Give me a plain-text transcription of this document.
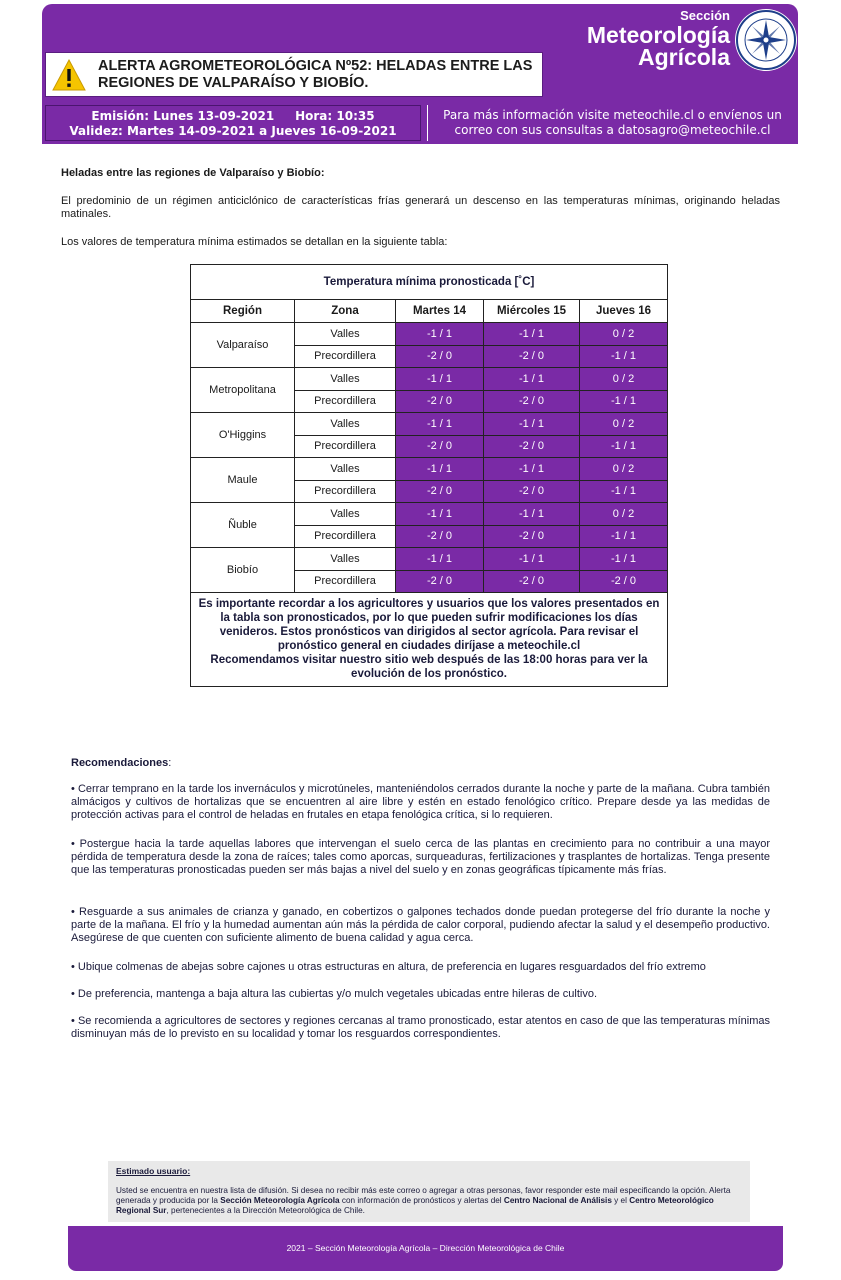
ALERTA AGROMETEOROLÓGICA Nº52: HELADAS ENTRE LAS
REGIONES DE VALPARAÍSO Y BIOBÍO.
Sección
Meteorología
Agrícola
Emisión: Lunes 13-09-2021     Hora: 10:35
Validez: Martes 14-09-2021 a Jueves 16-09-2021
Para más información visite meteochile.cl o envíenos un
correo con sus consultas a datosagro@meteochile.cl
Heladas entre las regiones de Valparaíso y Biobío:
El predominio de un régimen anticiclónico de características frías generará un descenso en las temperaturas mínimas, originando heladas matinales.
Los valores de temperatura mínima estimados se detallan en la siguiente tabla:
Temperatura mínima pronosticada [˚C]				
Región	Zona	Martes 14	Miércoles 15	Jueves 16
Valparaíso	Valles	-1 / 1	-1 / 1	0 / 2
	Precordillera	-2 / 0	-2 / 0	-1 / 1
Metropolitana	Valles	-1 / 1	-1 / 1	0 / 2
	Precordillera	-2 / 0	-2 / 0	-1 / 1
O'Higgins	Valles	-1 / 1	-1 / 1	0 / 2
	Precordillera	-2 / 0	-2 / 0	-1 / 1
Maule	Valles	-1 / 1	-1 / 1	0 / 2
	Precordillera	-2 / 0	-2 / 0	-1 / 1
Ñuble	Valles	-1 / 1	-1 / 1	0 / 2
	Precordillera	-2 / 0	-2 / 0	-1 / 1
Biobío	Valles	-1 / 1	-1 / 1	-1 / 1
	Precordillera	-2 / 0	-2 / 0	-2 / 0

Es importante recordar a los agricultores y usuarios que los valores presentados en la tabla son pronosticados, por lo que pueden sufrir modificaciones los días venideros. Estos pronósticos van dirigidos al sector agrícola. Para revisar el pronóstico general en ciudades diríjase a meteochile.cl
Recomendamos visitar nuestro sitio web después de las 18:00 horas para ver la evolución de los pronóstico.				
Recomendaciones:
• Cerrar temprano en la tarde los invernáculos y microtúneles, manteniéndolos cerrados durante la noche y parte de la mañana. Cubra también almácigos y cultivos de hortalizas que se encuentren al aire libre y estén en estado fenológico crítico. Prepare desde ya las medidas de protección activas para el control de heladas en frutales en etapa fenológica crítica, si lo requieren.
• Postergue hacia la tarde aquellas labores que intervengan el suelo cerca de las plantas en crecimiento para no contribuir a una mayor pérdida de temperatura desde la zona de raíces; tales como aporcas, surqueaduras, fertilizaciones y trasplantes de hortalizas. Tenga presente que las temperaturas pronosticadas pueden ser más bajas a nivel del suelo y en zonas geográficas típicamente más frías.
• Resguarde a sus animales de crianza y ganado, en cobertizos o galpones techados donde puedan protegerse del frío durante la noche y parte de la mañana. El frío y la humedad aumentan aún más la pérdida de calor corporal, pudiendo afectar la salud y el desempeño productivo. Asegúrese de que cuenten con suficiente alimento de buena calidad y agua cerca.
• Ubique colmenas de abejas sobre cajones u otras estructuras en altura, de preferencia en lugares resguardados del frío extremo
• De preferencia, mantenga a baja altura las cubiertas y/o mulch vegetales ubicadas entre hileras de cultivo.
• Se recomienda a agricultores de sectores y regiones cercanas al tramo pronosticado, estar atentos en caso de que las temperaturas mínimas disminuyan más de lo previsto en su localidad y tomar los resguardos correspondientes.
Estimado usuario:
Usted se encuentra en nuestra lista de difusión. Si desea no recibir más este correo o agregar a otras personas, favor responder este mail especificando la opción. Alerta generada y producida por la Sección Meteorología Agrícola con información de pronósticos y alertas del Centro Nacional de Análisis y el Centro Meteorológico Regional Sur, pertenecientes a la Dirección Meteorológica de Chile.
2021 – Sección Meteorología Agrícola – Dirección Meteorológica de Chile
